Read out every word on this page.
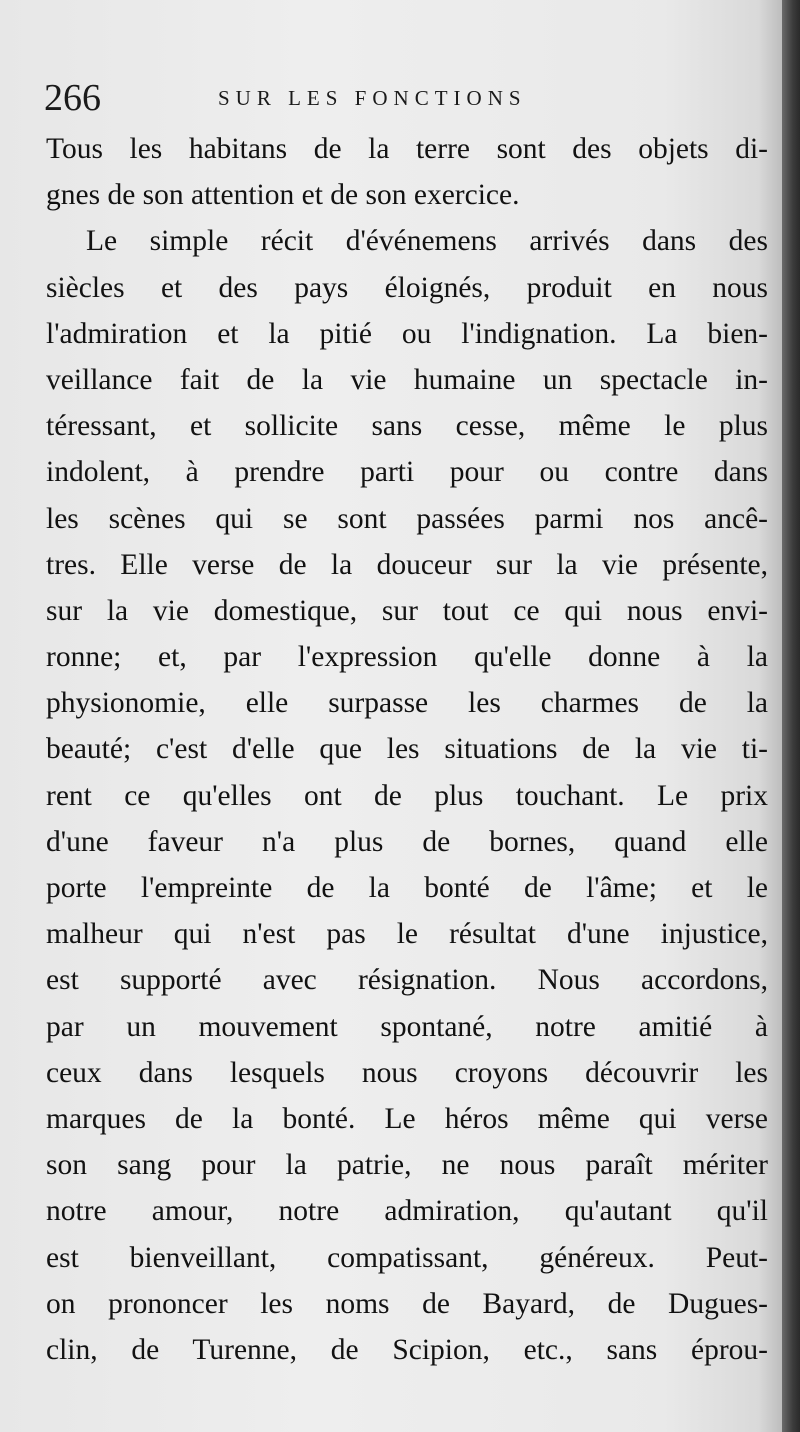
266	SUR LES FONCTIONS
Tous les habitans de la terre sont des objets di-
gnes de son attention et de son exercice.
Le simple récit d'événemens arrivés dans des
siècles et des pays éloignés, produit en nous
l'admiration et la pitié ou l'indignation. La bien-
veillance fait de la vie humaine un spectacle in-
téressant, et sollicite sans cesse, même le plus
indolent, à prendre parti pour ou contre dans
les scènes qui se sont passées parmi nos ancê-
tres. Elle verse de la douceur sur la vie présente,
sur la vie domestique, sur tout ce qui nous envi-
ronne; et, par l'expression qu'elle donne à la
physionomie, elle surpasse les charmes de la
beauté; c'est d'elle que les situations de la vie ti-
rent ce qu'elles ont de plus touchant. Le prix
d'une faveur n'a plus de bornes, quand elle
porte l'empreinte de la bonté de l'âme; et le
malheur qui n'est pas le résultat d'une injustice,
est supporté avec résignation. Nous accordons,
par un mouvement spontané, notre amitié à
ceux dans lesquels nous croyons découvrir les
marques de la bonté. Le héros même qui verse
son sang pour la patrie, ne nous paraît mériter
notre amour, notre admiration, qu'autant qu'il
est bienveillant, compatissant, généreux. Peut-
on prononcer les noms de Bayard, de Dugues-
clin, de Turenne, de Scipion, etc., sans éprou-
